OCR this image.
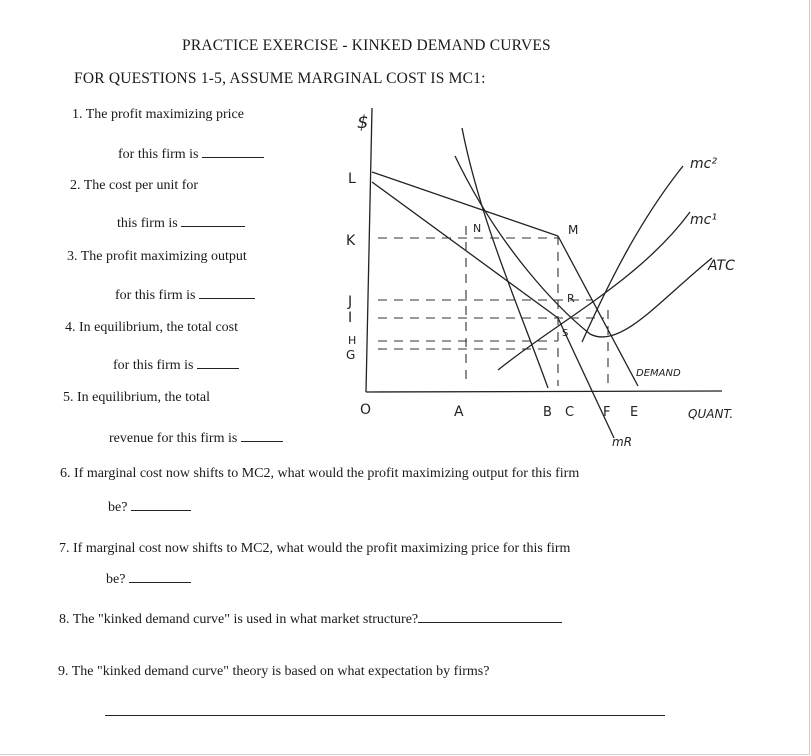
PRACTICE EXERCISE - KINKED DEMAND CURVES
FOR QUESTIONS 1-5, ASSUME MARGINAL COST IS MC1:
1. The profit maximizing price
for this firm is
2. The cost per unit for
this firm is
3. The profit maximizing output
for this firm is
4. In equilibrium, the total cost
for this firm is
5. In equilibrium, the total
revenue for this firm is
6. If marginal cost now shifts to MC2, what would the profit maximizing output for this firm
be?
7. If marginal cost now shifts to MC2, what would the profit maximizing price for this firm
be?
8. The "kinked demand curve" is used in what market structure?
9. The "kinked demand curve" theory is based on what expectation by firms?
$
L
K
J
I
H
G
O	A	B C F E
N	M
R
S
mc²
mc¹
ATC
DEMAND
mR
QUANT.
